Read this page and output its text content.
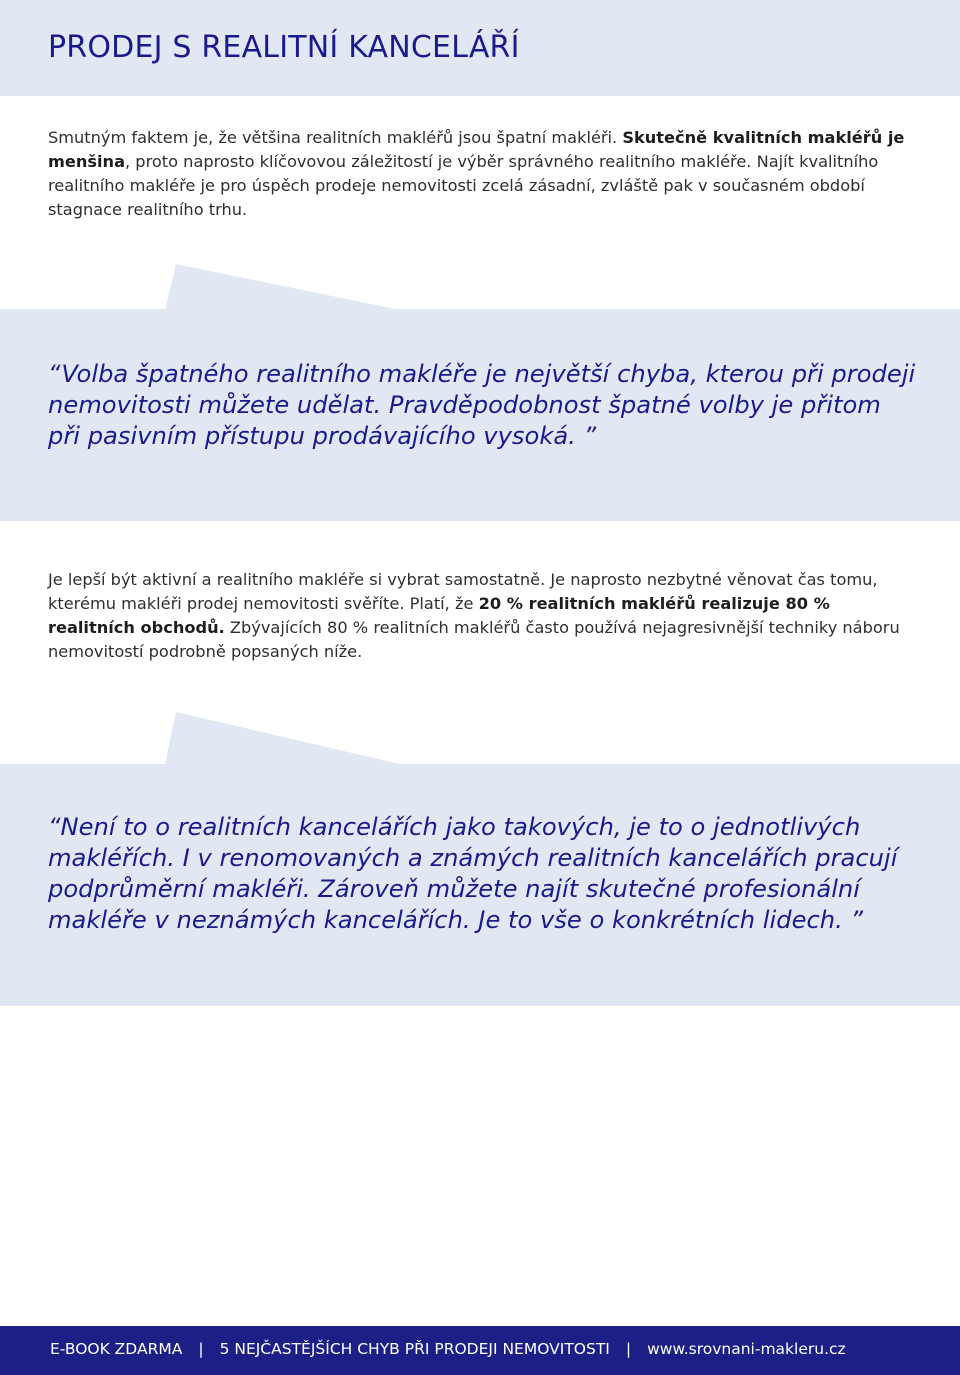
PRODEJ S REALITNÍ KANCELÁŘÍ

Smutným faktem je, že většina realitních makléřů jsou špatní makléři. Skutečně kvalitních makléřů je menšina, proto naprosto klíčovovou záležitostí je výběr správného realitního makléře. Najít kvalitního realitního makléře je pro úspěch prodeje nemovitosti zcelá zásadní, zvláště pak v současném období stagnace realitního trhu.

“Volba špatného realitního makléře je největší chyba, kterou při prodeji nemovitosti můžete udělat. Pravděpodobnost špatné volby je přitom při pasivním přístupu prodávajícího vysoká. ”

Je lepší být aktivní a realitního makléře si vybrat samostatně. Je naprosto nezbytné věnovat čas tomu, kterému makléři prodej nemovitosti svěříte. Platí, že 20 % realitních makléřů realizuje 80 % realitních obchodů. Zbývajících 80 % realitních makléřů často používá nejagresivnější techniky náboru nemovitostí podrobně popsaných níže.

“Není to o realitních kancelářích jako takových, je to o jednotlivých makléřích. I v renomovaných a známých realitních kancelářích pracují podprůměrní makléři. Zároveň můžete najít skutečné profesionální makléře v neznámých kancelářích. Je to vše o konkrétních lidech. ”

E-BOOK ZDARMA | 5 NEJČASTĚJŠÍCH CHYB PŘI PRODEJI NEMOVITOSTI | www.srovnani-makleru.cz
